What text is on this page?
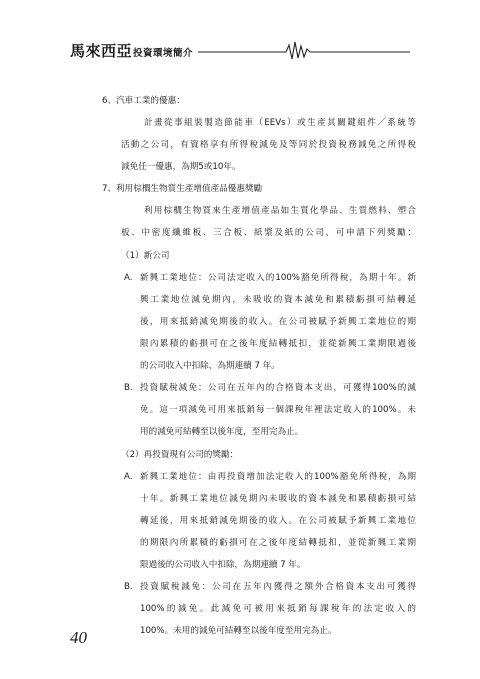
馬來西亞投資環境簡介
6、汽車工業的優惠：
計畫從事組裝製造節能車（EEVs）或生產其關鍵組件／系統等
活動之公司，有資格享有所得稅減免及等同於投資稅務減免之所得稅
減免任一優惠，為期5或10年。
7、利用棕櫚生物質生產增值產品優惠獎勵
利用棕櫚生物質來生產增值產品如生質化學品、生質燃料、塑合
板、中密度纖維板、三合板、紙漿及紙的公司，可申請下列獎勵：
（1）新公司
A. 新興工業地位：公司法定收入的100%豁免所得稅，為期十年。新
興工業地位減免期內，未吸收的資本減免和累積虧損可結轉延
後，用來抵銷減免期後的收入。在公司被賦予新興工業地位的期
限內累積的虧損可在之後年度結轉抵扣，並從新興工業期限過後
的公司收入中扣除，為期連續 7 年。
B. 投資賦稅減免：公司在五年內的合格資本支出，可獲得100%的減
免。這一項減免可用來抵銷每一個課稅年裡法定收入的100%。未
用的減免可結轉至以後年度，至用完為止。
（2）再投資現有公司的獎勵：
A. 新興工業地位：由再投資增加法定收入的100%豁免所得稅，為期
十年。新興工業地位減免期內未吸收的資本減免和累積虧損可結
轉延後，用來抵銷減免期後的收入。在公司被賦予新興工業地位
的期限內所累積的虧損可在之後年度結轉抵扣，並從新興工業期
限過後的公司收入中扣除，為期連續 7 年。
B. 投資賦稅減免：公司在五年內獲得之額外合格資本支出可獲得
100%的減免。此減免可被用來抵銷每課稅年的法定收入的
100%。未用的減免可結轉至以後年度至用完為止。
40
